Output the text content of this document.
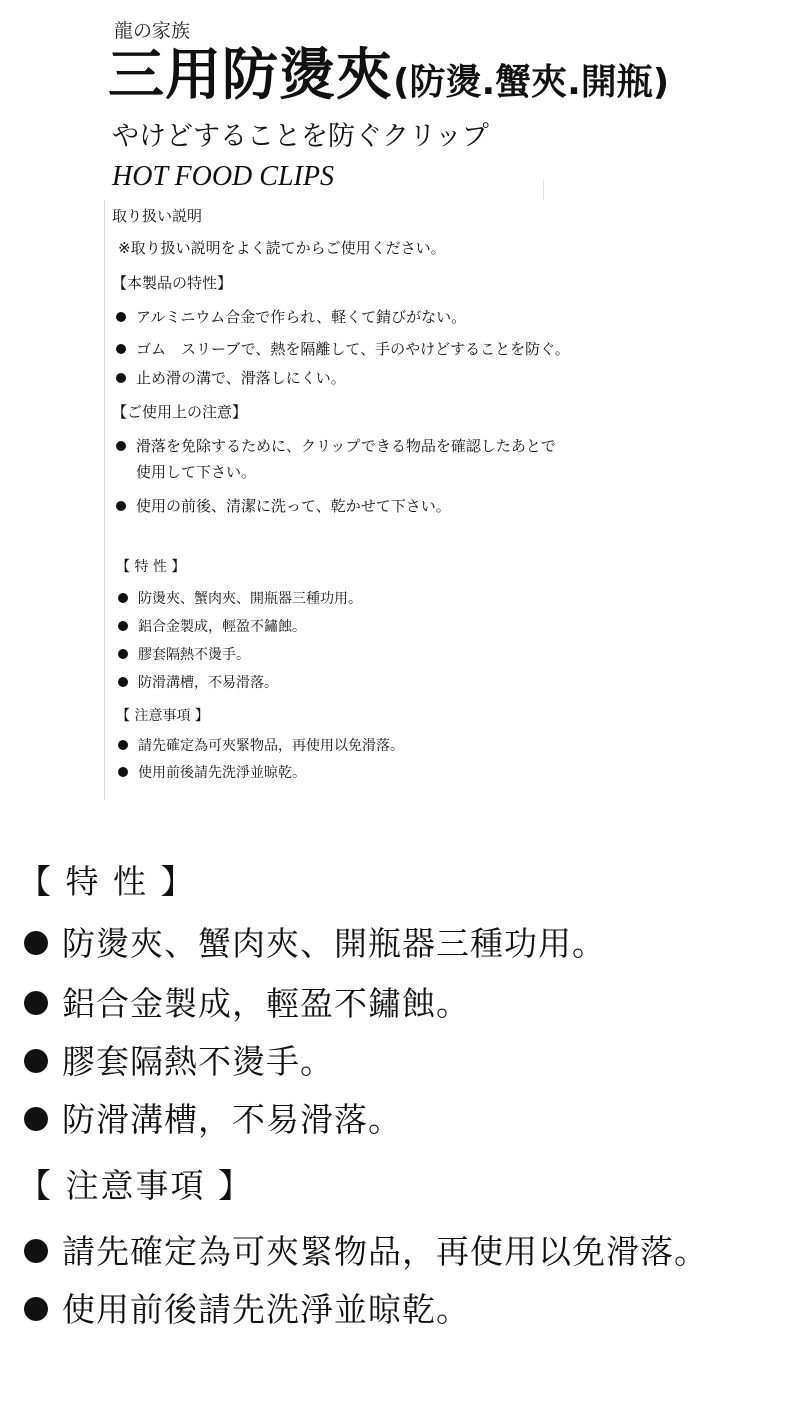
龍の家族
三用防燙夾(防燙.蟹夾.開瓶)
やけどすることを防ぐクリップ
HOT FOOD CLIPS
取り扱い説明
※取り扱い説明をよく読てからご使用ください。
【本製品の特性】
アルミニウム合金で作られ、軽くて錆びがない。
ゴム　スリーブで、熱を隔離して、手のやけどすることを防ぐ。
止め滑の溝で、滑落しにくい。
【ご使用上の注意】
滑落を免除するために、クリップできる物品を確認したあとで
使用して下さい。
使用の前後、清潔に洗って、乾かせて下さい。
【 特 性 】
防燙夾、蟹肉夾、開瓶器三種功用。
鋁合金製成，輕盈不鏽蝕。
膠套隔熱不燙手。
防滑溝槽，不易滑落。
【 注意事項 】
請先確定為可夾緊物品，再使用以免滑落。
使用前後請先洗淨並晾乾。
【 特 性 】
防燙夾、蟹肉夾、開瓶器三種功用。
鋁合金製成，輕盈不鏽蝕。
膠套隔熱不燙手。
防滑溝槽，不易滑落。
【 注意事項 】
請先確定為可夾緊物品，再使用以免滑落。
使用前後請先洗淨並晾乾。
